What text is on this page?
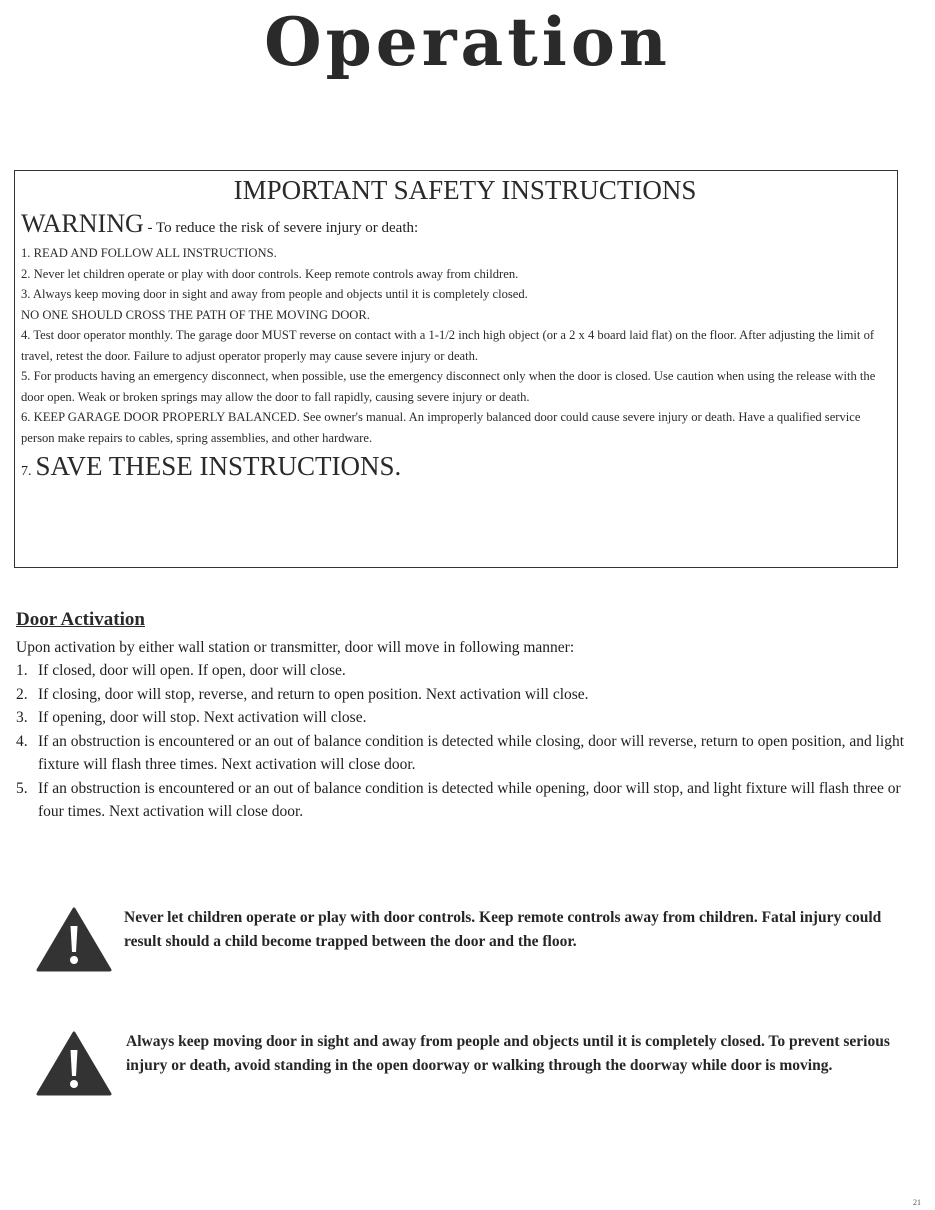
Operation
IMPORTANT SAFETY INSTRUCTIONS
WARNING - To reduce the risk of severe injury or death:
1. READ AND FOLLOW ALL INSTRUCTIONS.
2. Never let children operate or play with door controls. Keep remote controls away from children.
3. Always keep moving door in sight and away from people and objects until it is completely closed.
NO ONE SHOULD CROSS THE PATH OF THE MOVING DOOR.
4. Test door operator monthly. The garage door MUST reverse on contact with a 1-1/2 inch high object (or a 2 x 4 board laid flat) on the floor. After adjusting the limit of travel, retest the door. Failure to adjust operator properly may cause severe injury or death.
5. For products having an emergency disconnect, when possible, use the emergency disconnect only when the door is closed. Use caution when using the release with the door open. Weak or broken springs may allow the door to fall rapidly, causing severe injury or death.
6. KEEP GARAGE DOOR PROPERLY BALANCED. See owner's manual. An improperly balanced door could cause severe injury or death. Have a qualified service person make repairs to cables, spring assemblies, and other hardware.
7. SAVE THESE INSTRUCTIONS.
Door Activation
Upon activation by either wall station or transmitter, door will move in following manner:
1. If closed, door will open. If open, door will close.
2. If closing, door will stop, reverse, and return to open position. Next activation will close.
3. If opening, door will stop. Next activation will close.
4. If an obstruction is encountered or an out of balance condition is detected while closing, door will reverse, return to open position, and light fixture will flash three times. Next activation will close door.
5. If an obstruction is encountered or an out of balance condition is detected while opening, door will stop, and light fixture will flash three or four times. Next activation will close door.
Never let children operate or play with door controls. Keep remote controls away from children. Fatal injury could result should a child become trapped between the door and the floor.
Always keep moving door in sight and away from people and objects until it is completely closed. To prevent serious injury or death, avoid standing in the open doorway or walking through the doorway while door is moving.
21
